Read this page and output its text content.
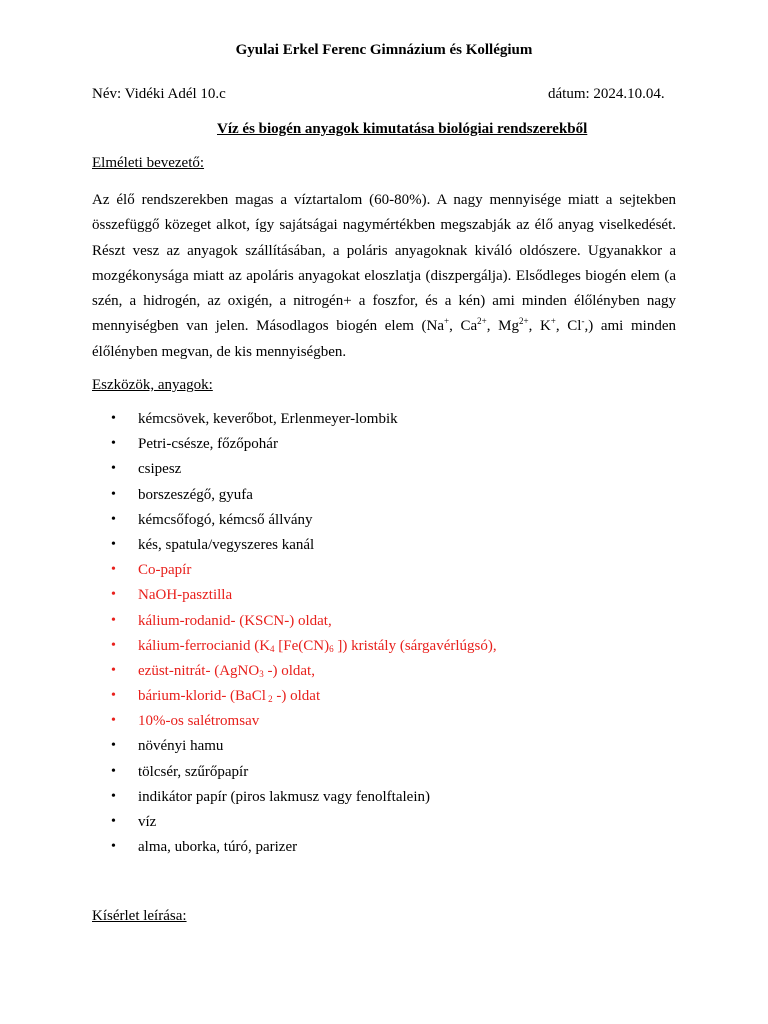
Gyulai Erkel Ferenc Gimnázium és Kollégium
Név: Vidéki Adél 10.c	dátum: 2024.10.04.
Víz és biogén anyagok kimutatása biológiai rendszerekből
Elméleti bevezető:
Az élő rendszerekben magas a víztartalom (60-80%). A nagy mennyisége miatt a sejtekben összefüggő közeget alkot, így sajátságai nagymértékben megszabják az élő anyag viselkedését. Részt vesz az anyagok szállításában, a poláris anyagoknak kiváló oldószere. Ugyanakkor a mozgékonysága miatt az apoláris anyagokat eloszlatja (diszpergálja). Elsődleges biogén elem (a szén, a hidrogén, az oxigén, a nitrogén+ a foszfor, és a kén) ami minden élőlényben nagy mennyiségben van jelen. Másodlagos biogén elem (Na+, $Ca^{2+}$, $Mg^{2+}$, K+, Cl-,) ami minden élőlényben megvan, de kis mennyiségben.
Eszközök, anyagok:
• kémcsövek, keverőbot, Erlenmeyer-lombik
• Petri-csésze, főzőpohár
• csipesz
• borszeszégő, gyufa
• kémcsőfogó, kémcső állvány
• kés, spatula/vegyszeres kanál
• Co-papír
• NaOH-pasztilla
• kálium-rodanid- (KSCN-) oldat,
• kálium-ferrocianid ($K_4$ [$Fe(CN)_6$ ]) kristály (sárgavérlúgsó),
• ezüst-nitrát- (AgNO$_3$ -) oldat,
• bárium-klorid- (BaCl $_2$ -) oldat
• 10%-os salétromsav
• növényi hamu
• tölcsér, szűrőpapír
• indikátor papír (piros lakmusz vagy fenolftalein)
• víz
• alma, uborka, túró, parizer
Kísérlet leírása:
